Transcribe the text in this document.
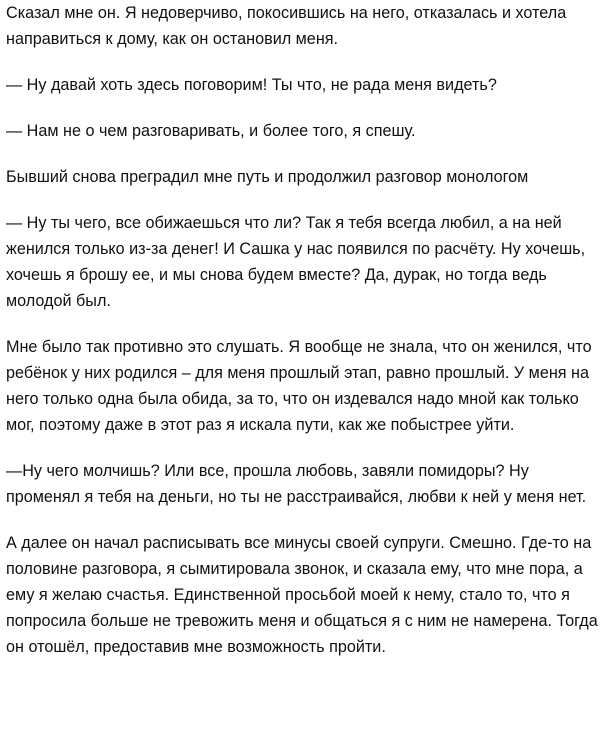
Сказал мне он. Я недоверчиво, покосившись на него, отказалась и хотела направиться к дому, как он остановил меня.

— Ну давай хоть здесь поговорим! Ты что, не рада меня видеть?

— Нам не о чем разговаривать, и более того, я спешу.

Бывший снова преградил мне путь и продолжил разговор монологом

— Ну ты чего, все обижаешься что ли? Так я тебя всегда любил, а на ней женился только из-за денег! И Сашка у нас появился по расчёту. Ну хочешь, хочешь я брошу ее, и мы снова будем вместе? Да, дурак, но тогда ведь молодой был.

Мне было так противно это слушать. Я вообще не знала, что он женился, что ребёнок у них родился – для меня прошлый этап, равно прошлый. У меня на него только одна была обида, за то, что он издевался надо мной как только мог, поэтому даже в этот раз я искала пути, как же побыстрее уйти.

—Ну чего молчишь? Или все, прошла любовь, завяли помидоры? Ну променял я тебя на деньги, но ты не расстраивайся, любви к ней у меня нет.

А далее он начал расписывать все минусы своей супруги. Смешно. Где-то на половине разговора, я сымитировала звонок, и сказала ему, что мне пора, а ему я желаю счастья. Единственной просьбой моей к нему, стало то, что я попросила больше не тревожить меня и общаться я с ним не намерена. Тогда он отошёл, предоставив мне возможность пройти.
